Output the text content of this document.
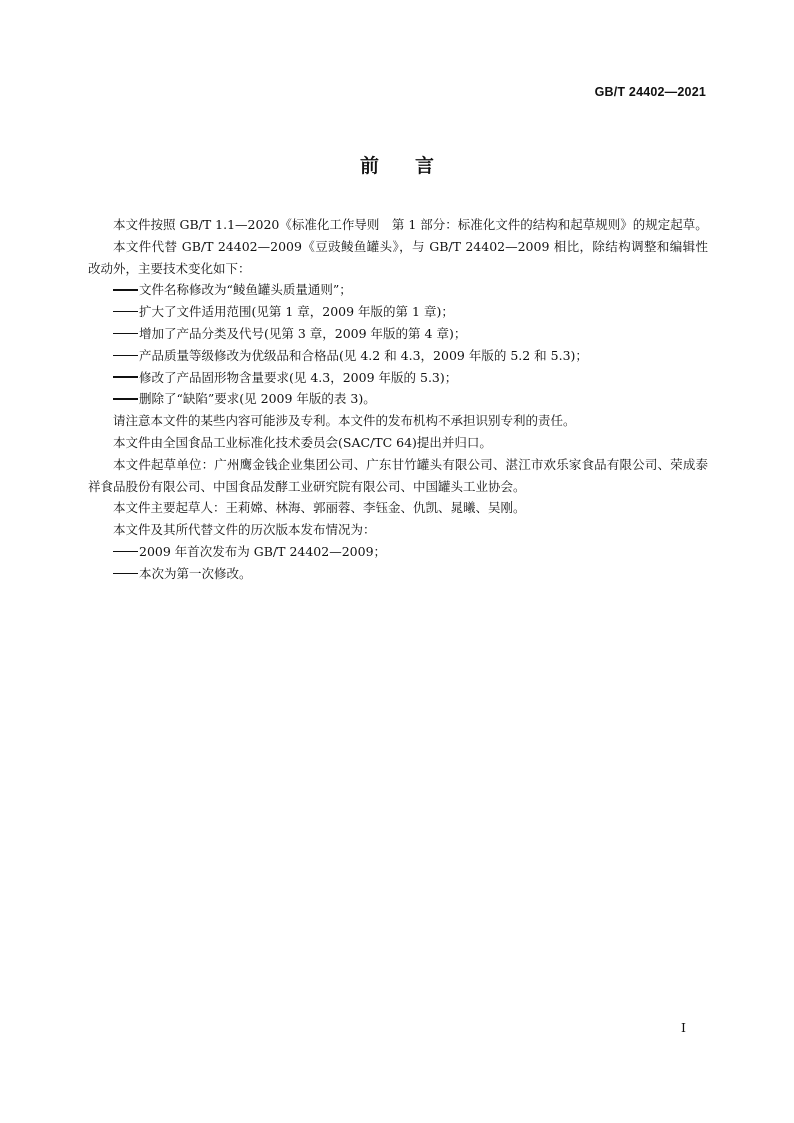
GB/T 24402—2021
前言

本文件按照 GB/T 1.1—2020《标准化工作导则　第 1 部分：标准化文件的结构和起草规则》的规定起草。

本文件代替 GB/T 24402—2009《豆豉鲮鱼罐头》，与 GB/T 24402—2009 相比，除结构调整和编辑性改动外，主要技术变化如下：

文件名称修改为“鲮鱼罐头质量通则”；
扩大了文件适用范围(见第 1 章，2009 年版的第 1 章)；
增加了产品分类及代号(见第 3 章，2009 年版的第 4 章)；
产品质量等级修改为优级品和合格品(见 4.2 和 4.3，2009 年版的 5.2 和 5.3)；
修改了产品固形物含量要求(见 4.3，2009 年版的 5.3)；
删除了“缺陷”要求(见 2009 年版的表 3)。

请注意本文件的某些内容可能涉及专利。本文件的发布机构不承担识别专利的责任。

本文件由全国食品工业标准化技术委员会(SAC/TC 64)提出并归口。

本文件起草单位：广州鹰金钱企业集团公司、广东甘竹罐头有限公司、湛江市欢乐家食品有限公司、荣成泰祥食品股份有限公司、中国食品发酵工业研究院有限公司、中国罐头工业协会。

本文件主要起草人：王莉嫦、林海、郭丽蓉、李钰金、仇凯、晁曦、吴刚。

本文件及其所代替文件的历次版本发布情况为：

2009 年首次发布为 GB/T 24402—2009；
本次为第一次修改。
I
